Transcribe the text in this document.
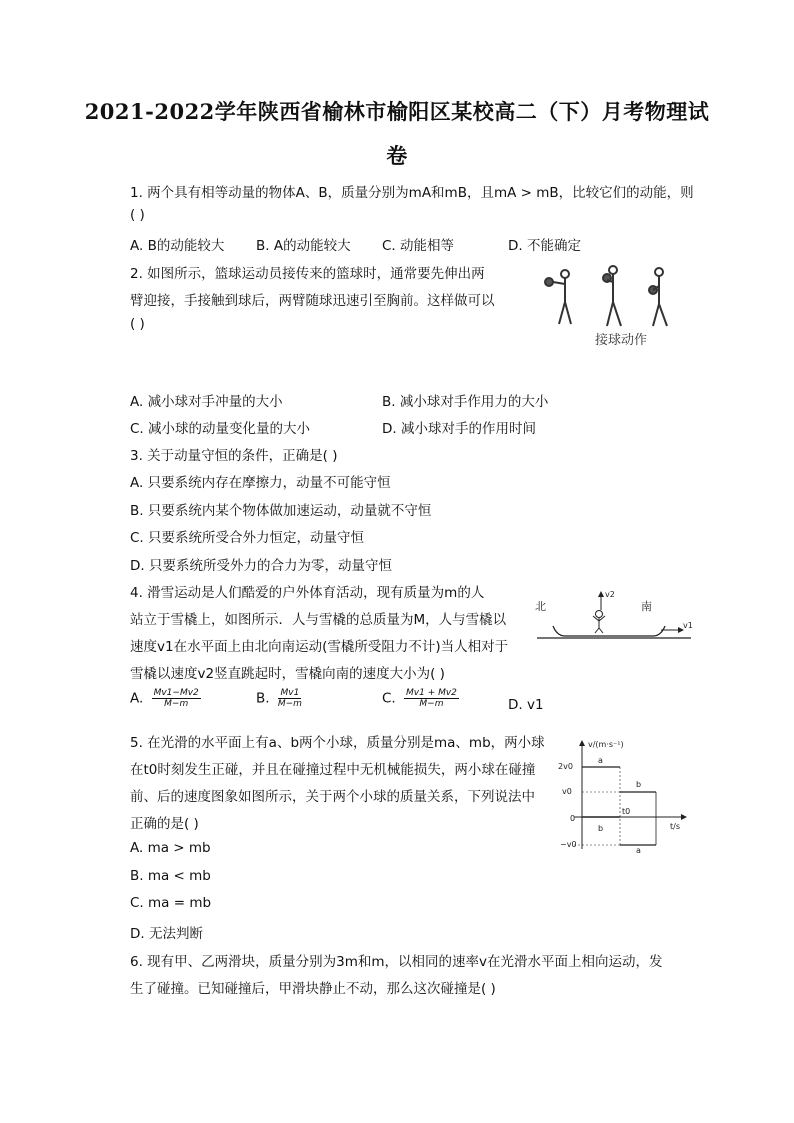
2021-2022学年陕西省榆林市榆阳区某校高二（下）月考物理试
卷
1. 两个具有相等动量的物体A、B，质量分别为mA和mB，且mA > mB，比较它们的动能，则
( )
A. B的动能较大 B. A的动能较大 C. 动能相等	D. 不能确定
2. 如图所示，篮球运动员接传来的篮球时，通常要先伸出两
臂迎接，手接触到球后，两臂随球迅速引至胸前。这样做可以
( )
接球动作
A. 减小球对手冲量的大小	B. 减小球对手作用力的大小
C. 减小球的动量变化量的大小	D. 减小球对手的作用时间
3. 关于动量守恒的条件，正确是( )
A. 只要系统内存在摩擦力，动量不可能守恒
B. 只要系统内某个物体做加速运动，动量就不守恒
C. 只要系统所受合外力恒定，动量守恒
D. 只要系统所受外力的合力为零，动量守恒
4. 滑雪运动是人们酷爱的户外体育活动，现有质量为m的人
站立于雪橇上，如图所示．人与雪橇的总质量为M，人与雪橇以
速度v1在水平面上由北向南运动(雪橇所受阻力不计)当人相对于
雪橇以速度v2竖直跳起时，雪橇向南的速度大小为( )
北	南
v2
v1
A. $\frac{Mv1-Mv2}{M-m}$	B. $\frac{Mv1}{M-m}$	C. $\frac{Mv1 + Mv2}{M-m}$	D. v1
5. 在光滑的水平面上有a、b两个小球，质量分别是ma、mb，两小球
在t0时刻发生正碰，并且在碰撞过程中无机械能损失，两小球在碰撞
前、后的速度图象如图所示，关于两个小球的质量关系，下列说法中
正确的是( )
v/(m·s⁻¹)
2v0
v0
0
−v0
t0
t/s
a
b
b
a
A. ma > mb
B. ma < mb
C. ma = mb
D. 无法判断
6. 现有甲、乙两滑块，质量分别为3m和m，以相同的速率v在光滑水平面上相向运动，发
生了碰撞。已知碰撞后，甲滑块静止不动，那么这次碰撞是( )
